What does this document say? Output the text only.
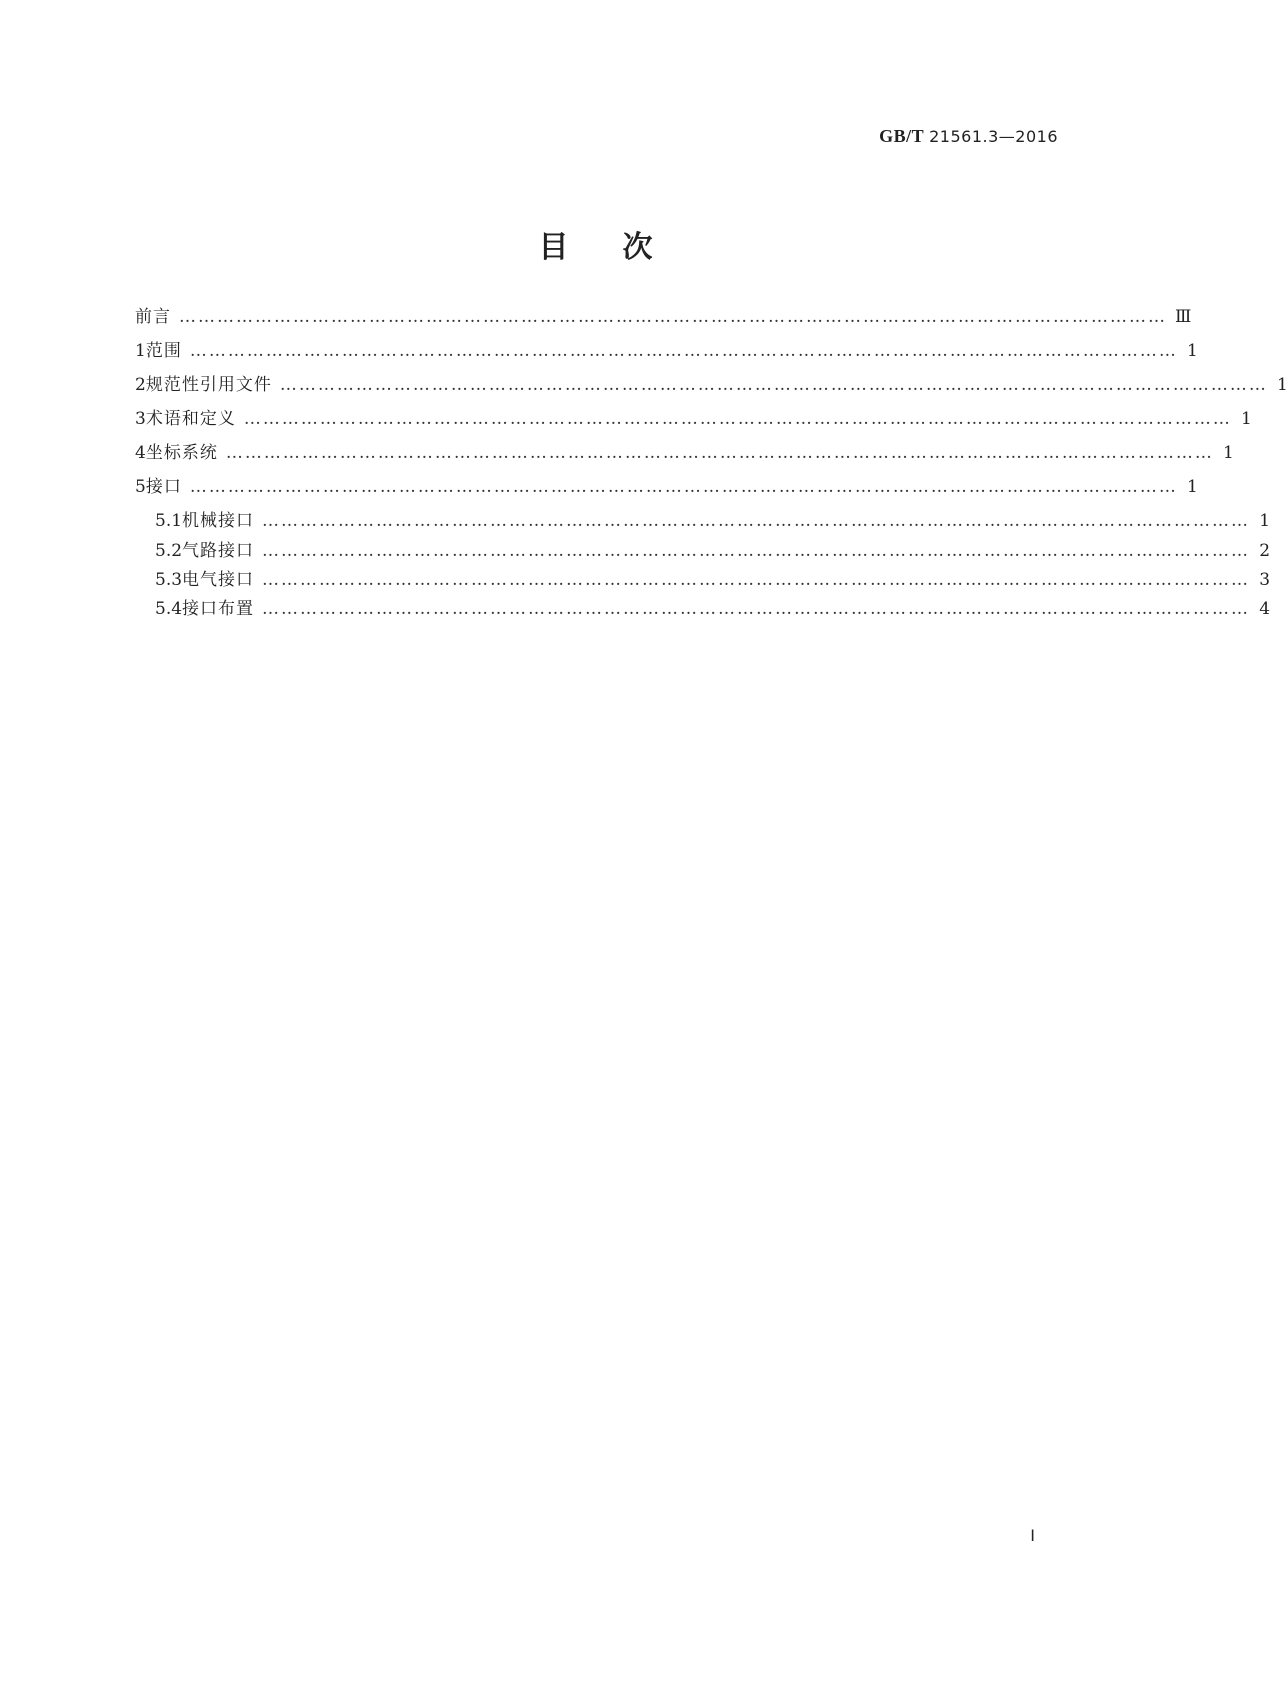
GB/T 21561.3—2016
目次
前言 ………………………………………………………………………………………………………………………………………… Ⅲ
1 范围 ………………………………………………………………………………………………………………………………………… 1
2 规范性引用文件 ………………………………………………………………………………………………………………………………………… 1
3 术语和定义 ………………………………………………………………………………………………………………………………………… 1
4 坐标系统 ………………………………………………………………………………………………………………………………………… 1
5 接口 ………………………………………………………………………………………………………………………………………… 1
5.1 机械接口 ………………………………………………………………………………………………………………………………………… 1
5.2 气路接口 ………………………………………………………………………………………………………………………………………… 2
5.3 电气接口 ………………………………………………………………………………………………………………………………………… 3
5.4 接口布置 ………………………………………………………………………………………………………………………………………… 4
Ⅰ
